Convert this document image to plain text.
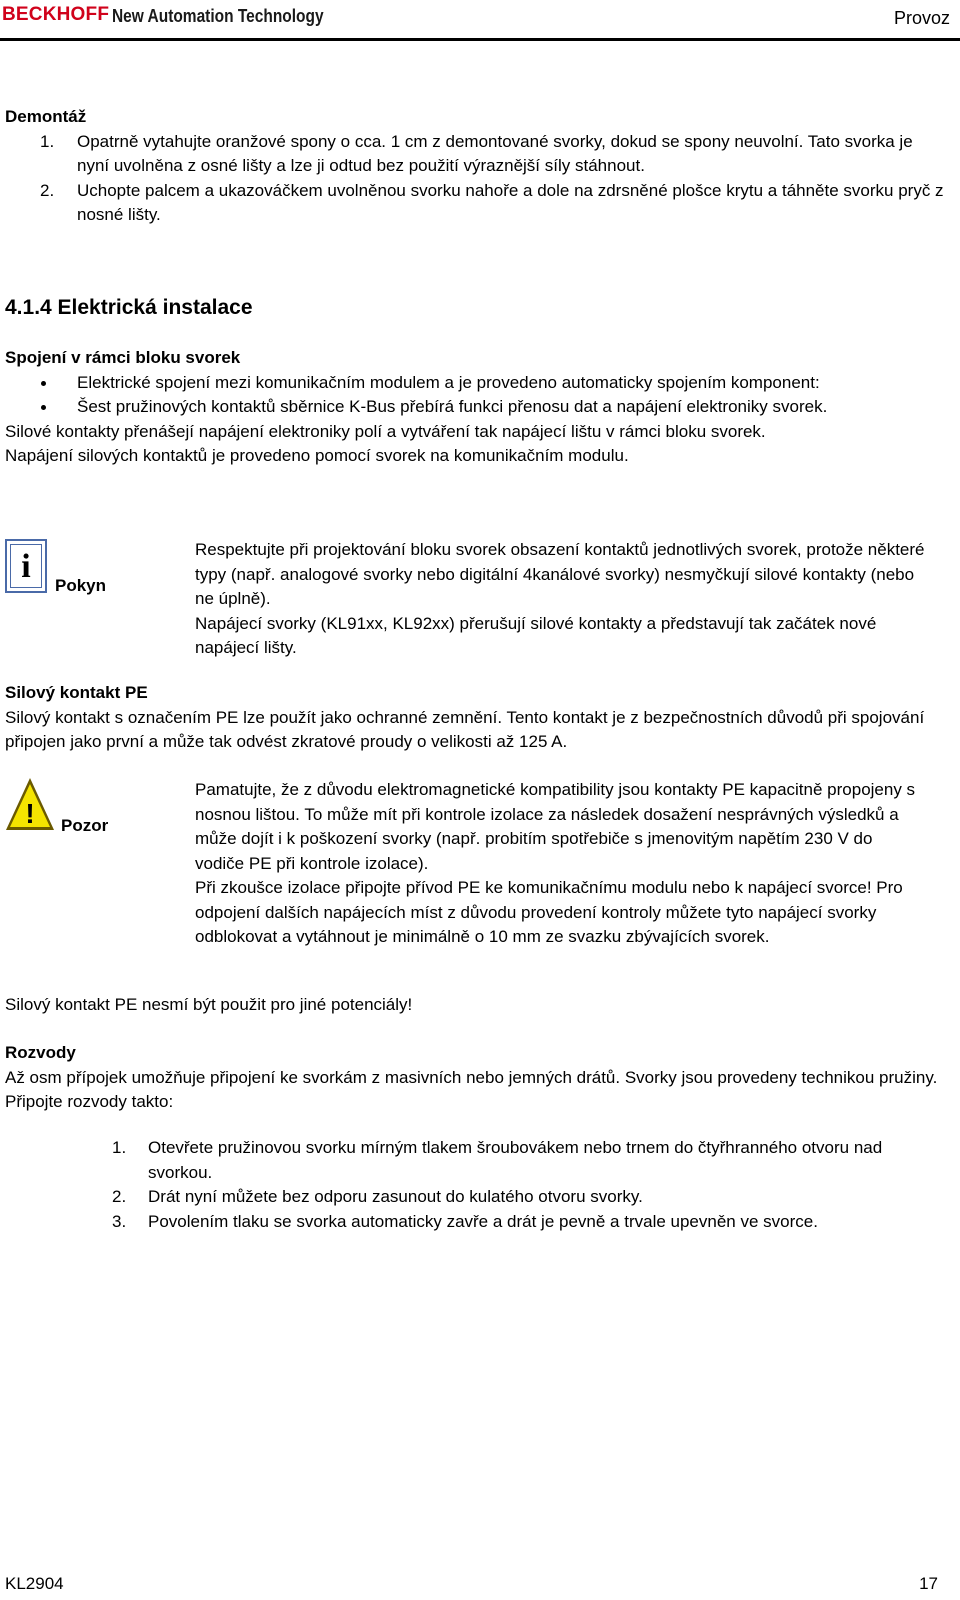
BECKHOFF New Automation Technology	Provoz
Demontáž
1. Opatrně vytahujte oranžové spony o cca. 1 cm z demontované svorky, dokud se spony neuvolní. Tato svorka je nyní uvolněna z osné lišty a lze ji odtud bez použití výraznější síly stáhnout.
2. Uchopte palcem a ukazováčkem uvolněnou svorku nahoře a dole na zdrsněné plošce krytu a táhněte svorku pryč z nosné lišty.
4.1.4 Elektrická instalace
Spojení v rámci bloku svorek
Elektrické spojení mezi komunikačním modulem a je provedeno automaticky spojením komponent:
Šest pružinových kontaktů sběrnice K-Bus přebírá funkci přenosu dat a napájení elektroniky svorek.
Silové kontakty přenášejí napájení elektroniky polí a vytváření tak napájecí lištu v rámci bloku svorek.
Napájení silových kontaktů je provedeno pomocí svorek na komunikačním modulu.
i
Pokyn
Respektujte při projektování bloku svorek obsazení kontaktů jednotlivých svorek, protože některé typy (např. analogové svorky nebo digitální 4kanálové svorky) nesmyčkují silové kontakty (nebo ne úplně).
Napájecí svorky (KL91xx, KL92xx) přerušují silové kontakty a představují tak začátek nové napájecí lišty.
Silový kontakt PE
Silový kontakt s označením PE lze použít jako ochranné zemnění. Tento kontakt je z bezpečnostních důvodů při spojování připojen jako první a může tak odvést zkratové proudy o velikosti až 125 A.
! Pozor
Pamatujte, že z důvodu elektromagnetické kompatibility jsou kontakty PE kapacitně propojeny s nosnou lištou. To může mít při kontrole izolace za následek dosažení nesprávných výsledků a může dojít i k poškození svorky (např. probitím spotřebiče s jmenovitým napětím 230 V do vodiče PE při kontrole izolace).
Při zkoušce izolace připojte přívod PE ke komunikačnímu modulu nebo k napájecí svorce! Pro odpojení dalších napájecích míst z důvodu provedení kontroly můžete tyto napájecí svorky odblokovat a vytáhnout je minimálně o 10 mm ze svazku zbývajících svorek.
Silový kontakt PE nesmí být použit pro jiné potenciály!
Rozvody
Až osm přípojek umožňuje připojení ke svorkám z masivních nebo jemných drátů. Svorky jsou provedeny technikou pružiny. Připojte rozvody takto:
1. Otevřete pružinovou svorku mírným tlakem šroubovákem nebo trnem do čtyřhranného otvoru nad svorkou.
2. Drát nyní můžete bez odporu zasunout do kulatého otvoru svorky.
3. Povolením tlaku se svorka automaticky zavře a drát je pevně a trvale upevněn ve svorce.
KL2904	17
